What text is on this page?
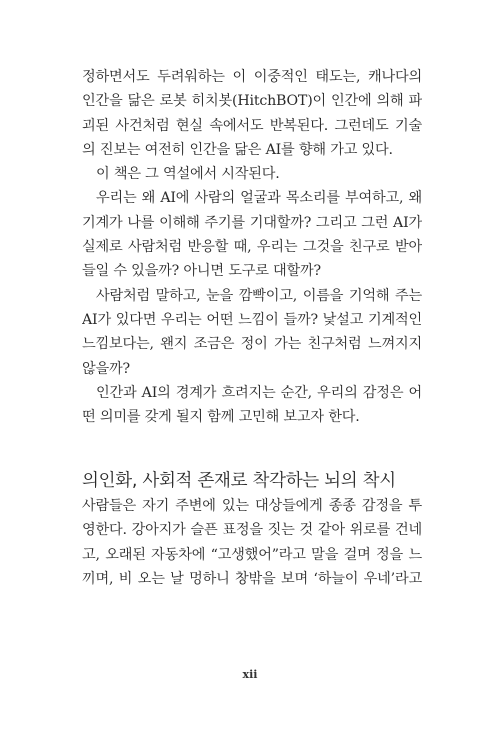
정하면서도 두려워하는 이 이중적인 태도는, 캐나다의
인간을 닮은 로봇 히치봇(HitchBOT)이 인간에 의해 파
괴된 사건처럼 현실 속에서도 반복된다. 그런데도 기술
의 진보는 여전히 인간을 닮은 AI를 향해 가고 있다.
이 책은 그 역설에서 시작된다.
우리는 왜 AI에 사람의 얼굴과 목소리를 부여하고, 왜
기계가 나를 이해해 주기를 기대할까? 그리고 그런 AI가
실제로 사람처럼 반응할 때, 우리는 그것을 친구로 받아
들일 수 있을까? 아니면 도구로 대할까?
사람처럼 말하고, 눈을 깜빡이고, 이름을 기억해 주는
AI가 있다면 우리는 어떤 느낌이 들까? 낯설고 기계적인
느낌보다는, 왠지 조금은 정이 가는 친구처럼 느껴지지
않을까?
인간과 AI의 경계가 흐려지는 순간, 우리의 감정은 어
떤 의미를 갖게 될지 함께 고민해 보고자 한다.
의인화, 사회적 존재로 착각하는 뇌의 착시
사람들은 자기 주변에 있는 대상들에게 종종 감정을 투
영한다. 강아지가 슬픈 표정을 짓는 것 같아 위로를 건네
고, 오래된 자동차에 “고생했어”라고 말을 걸며 정을 느
끼며, 비 오는 날 멍하니 창밖을 보며 ‘하늘이 우네’라고
xii
